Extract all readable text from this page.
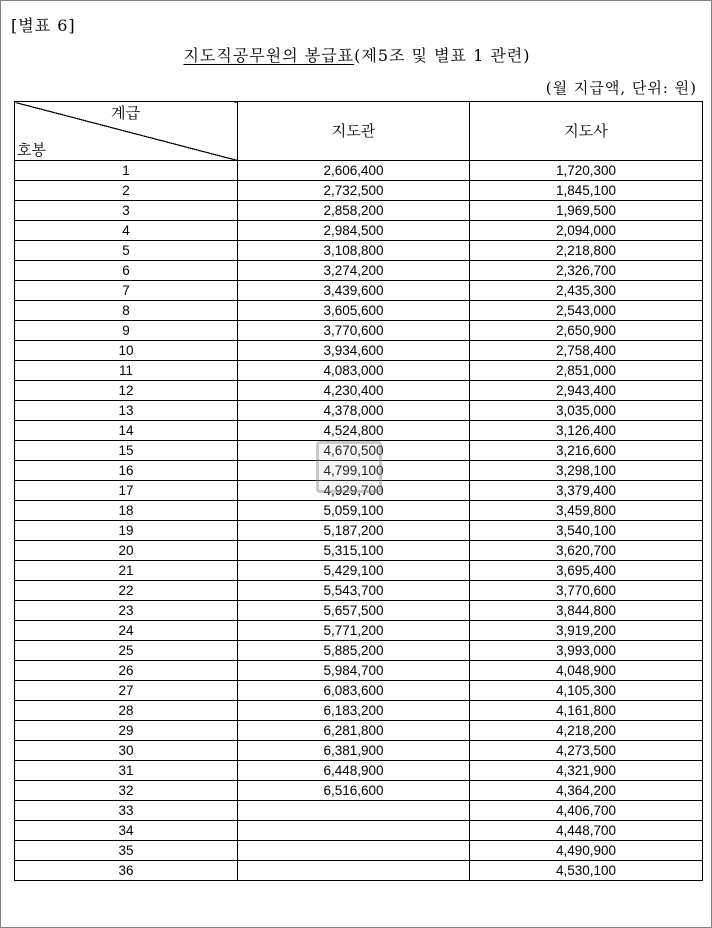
[별표 6]
지도직공무원의 봉급표(제5조 및 별표 1 관련)
(월 지급액, 단위: 원)
계급
호봉	지도관	지도사
1	2,606,400	1,720,300
2	2,732,500	1,845,100
3	2,858,200	1,969,500
4	2,984,500	2,094,000
5	3,108,800	2,218,800
6	3,274,200	2,326,700
7	3,439,600	2,435,300
8	3,605,600	2,543,000
9	3,770,600	2,650,900
10	3,934,600	2,758,400
11	4,083,000	2,851,000
12	4,230,400	2,943,400
13	4,378,000	3,035,000
14	4,524,800	3,126,400
15	4,670,500	3,216,600
16	4,799,100	3,298,100
17	4,929,700	3,379,400
18	5,059,100	3,459,800
19	5,187,200	3,540,100
20	5,315,100	3,620,700
21	5,429,100	3,695,400
22	5,543,700	3,770,600
23	5,657,500	3,844,800
24	5,771,200	3,919,200
25	5,885,200	3,993,000
26	5,984,700	4,048,900
27	6,083,600	4,105,300
28	6,183,200	4,161,800
29	6,281,800	4,218,200
30	6,381,900	4,273,500
31	6,448,900	4,321,900
32	6,516,600	4,364,200
33		4,406,700
34		4,448,700
35		4,490,900
36		4,530,100
